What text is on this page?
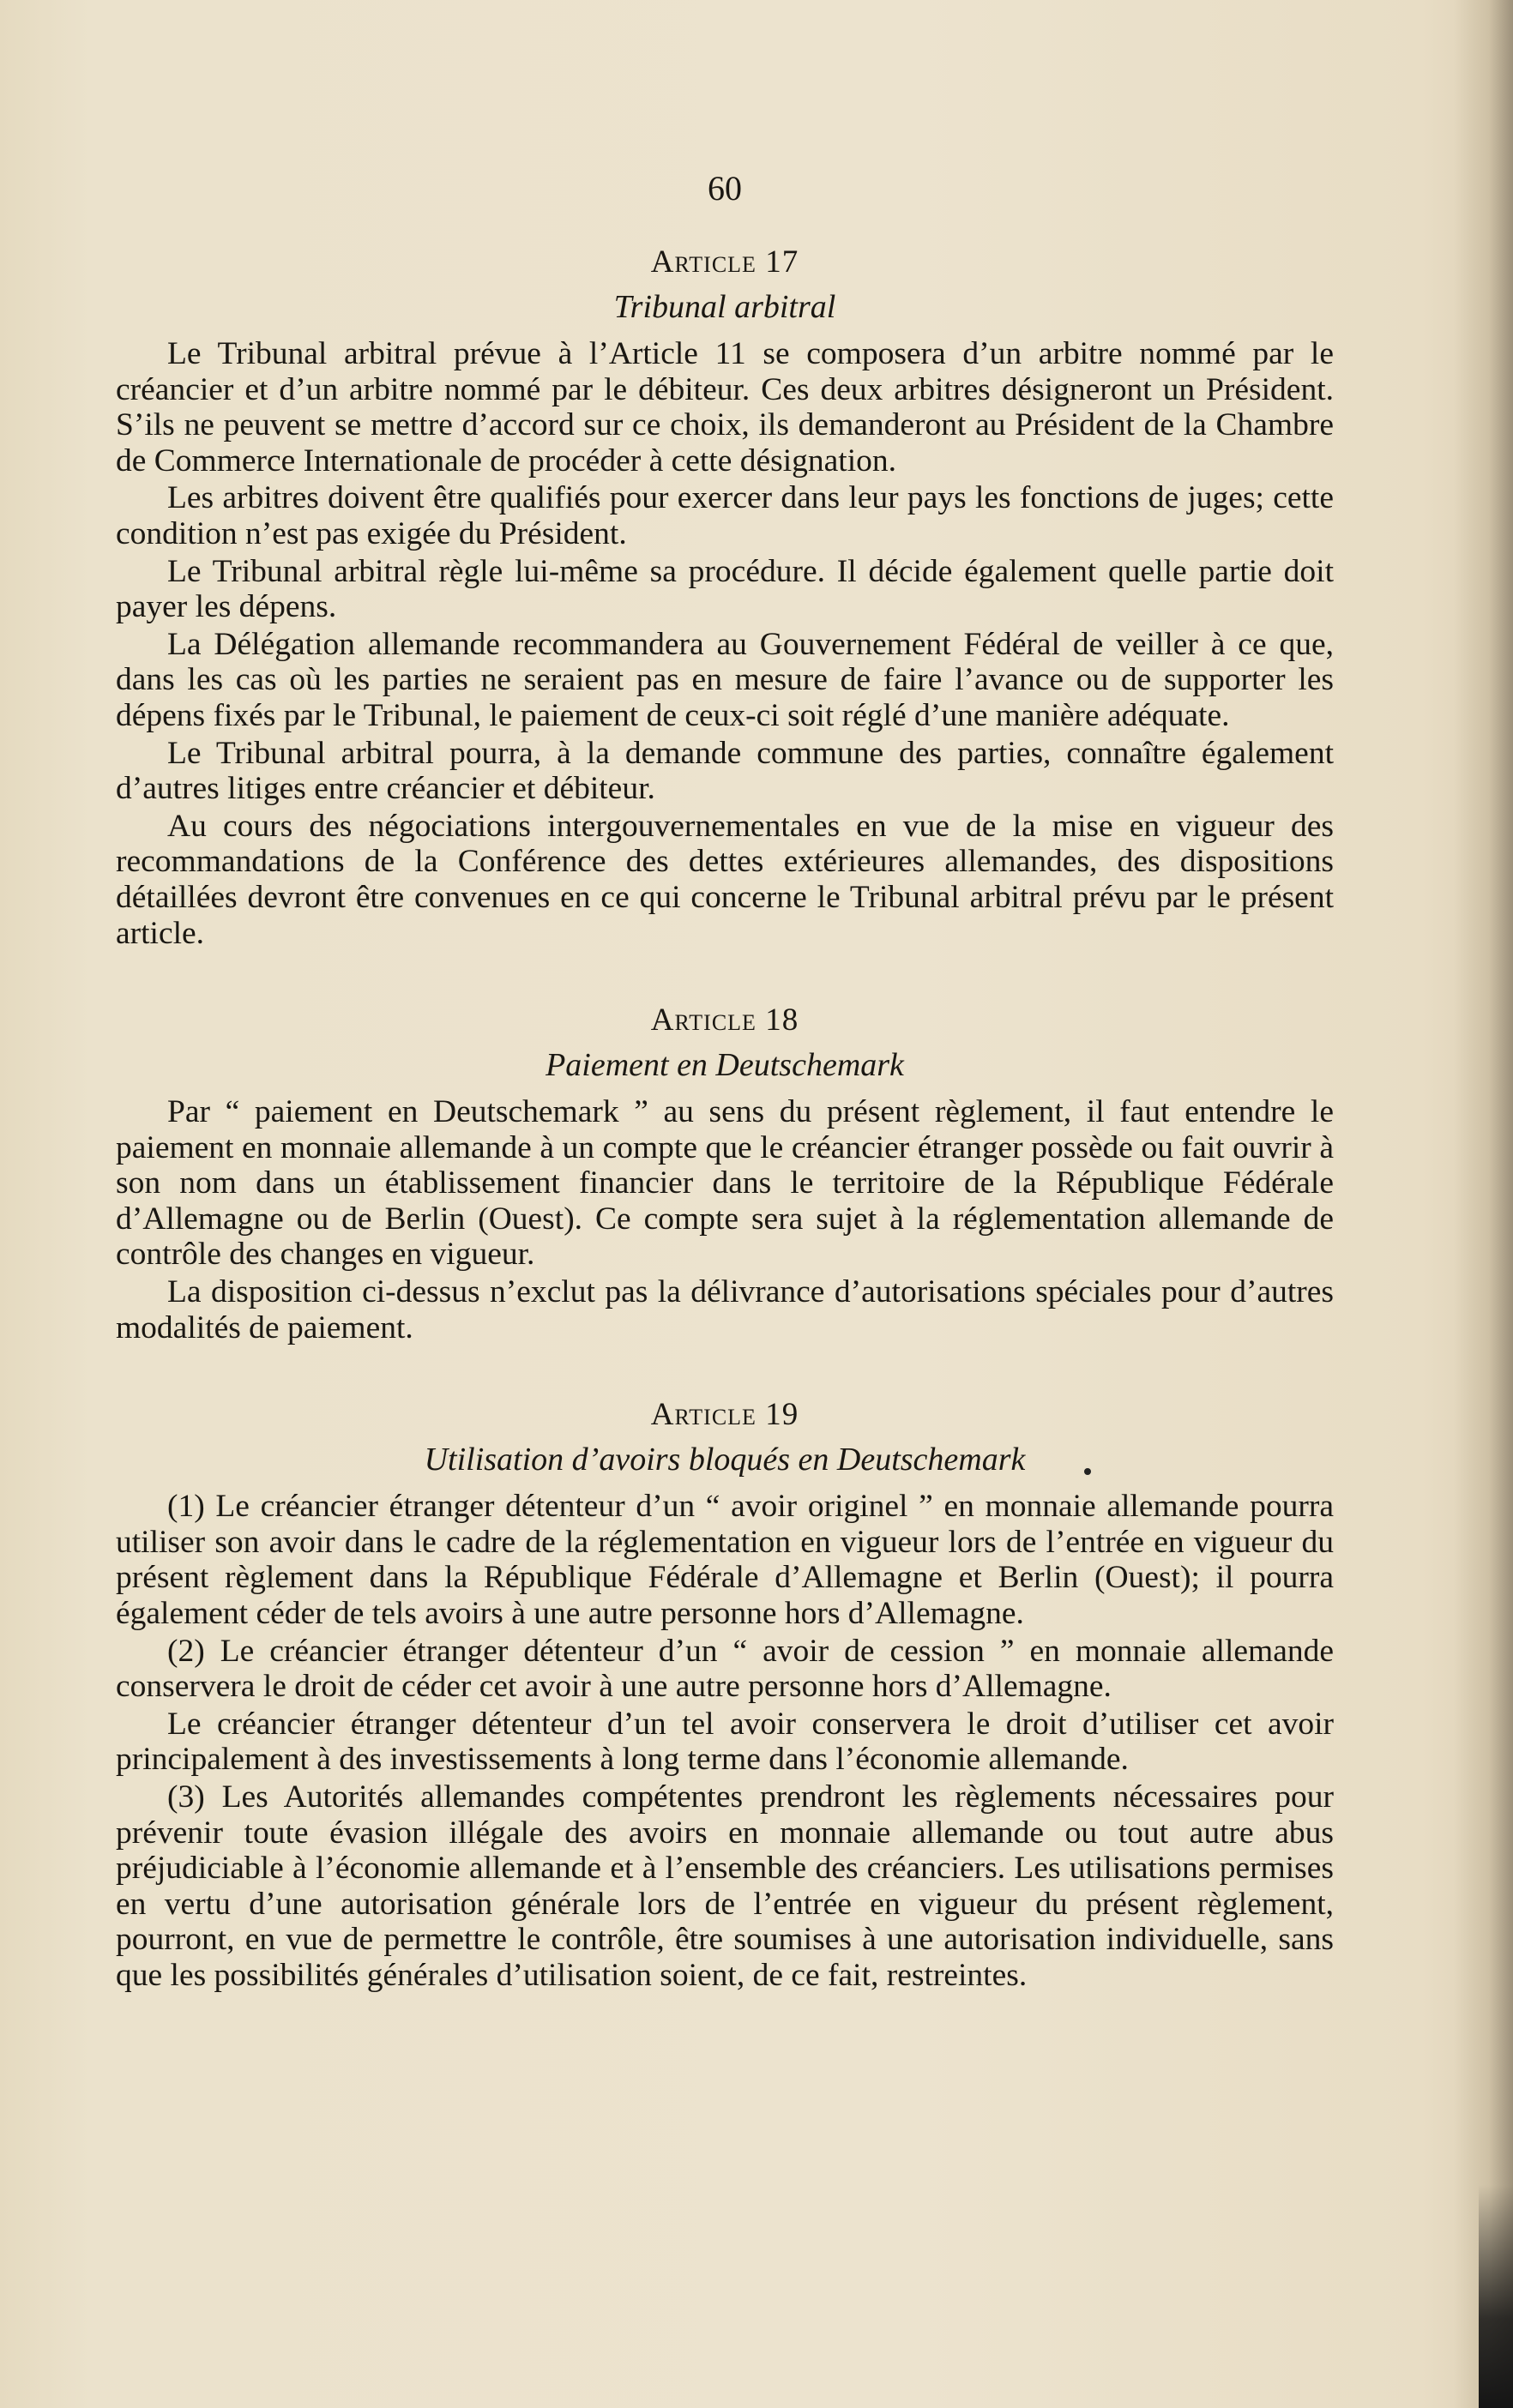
60
Article 17
Tribunal arbitral

Le Tribunal arbitral prévue à l’Article 11 se composera d’un arbitre nommé par le créancier et d’un arbitre nommé par le débiteur. Ces deux arbitres désigneront un Président. S’ils ne peuvent se mettre d’accord sur ce choix, ils demanderont au Président de la Chambre de Commerce Internationale de procéder à cette désignation.

Les arbitres doivent être qualifiés pour exercer dans leur pays les fonctions de juges; cette condition n’est pas exigée du Président.

Le Tribunal arbitral règle lui-même sa procédure. Il décide également quelle partie doit payer les dépens.

La Délégation allemande recommandera au Gouvernement Fédéral de veiller à ce que, dans les cas où les parties ne seraient pas en mesure de faire l’avance ou de supporter les dépens fixés par le Tribunal, le paiement de ceux-ci soit réglé d’une manière adéquate.

Le Tribunal arbitral pourra, à la demande commune des parties, connaître également d’autres litiges entre créancier et débiteur.

Au cours des négociations intergouvernementales en vue de la mise en vigueur des recommandations de la Conférence des dettes extérieures allemandes, des dispositions détaillées devront être convenues en ce qui concerne le Tribunal arbitral prévu par le présent article.

Article 18
Paiement en Deutschemark

Par “ paiement en Deutschemark ” au sens du présent règlement, il faut entendre le paiement en monnaie allemande à un compte que le créancier étranger possède ou fait ouvrir à son nom dans un établissement financier dans le territoire de la République Fédérale d’Allemagne ou de Berlin (Ouest). Ce compte sera sujet à la réglementation allemande de contrôle des changes en vigueur.

La disposition ci-dessus n’exclut pas la délivrance d’autorisations spéciales pour d’autres modalités de paiement.

Article 19
Utilisation d’avoirs bloqués en Deutschemark

(1) Le créancier étranger détenteur d’un “ avoir originel ” en monnaie allemande pourra utiliser son avoir dans le cadre de la réglementation en vigueur lors de l’entrée en vigueur du présent règlement dans la République Fédérale d’Allemagne et Berlin (Ouest); il pourra également céder de tels avoirs à une autre personne hors d’Allemagne.

(2) Le créancier étranger détenteur d’un “ avoir de cession ” en monnaie allemande conservera le droit de céder cet avoir à une autre personne hors d’Allemagne.

Le créancier étranger détenteur d’un tel avoir conservera le droit d’utiliser cet avoir principalement à des investissements à long terme dans l’économie allemande.

(3) Les Autorités allemandes compétentes prendront les règlements nécessaires pour prévenir toute évasion illégale des avoirs en monnaie allemande ou tout autre abus préjudiciable à l’économie allemande et à l’ensemble des créanciers. Les utilisations permises en vertu d’une autorisation générale lors de l’entrée en vigueur du présent règlement, pourront, en vue de permettre le contrôle, être soumises à une autorisation individuelle, sans que les possibilités générales d’utilisation soient, de ce fait, restreintes.
